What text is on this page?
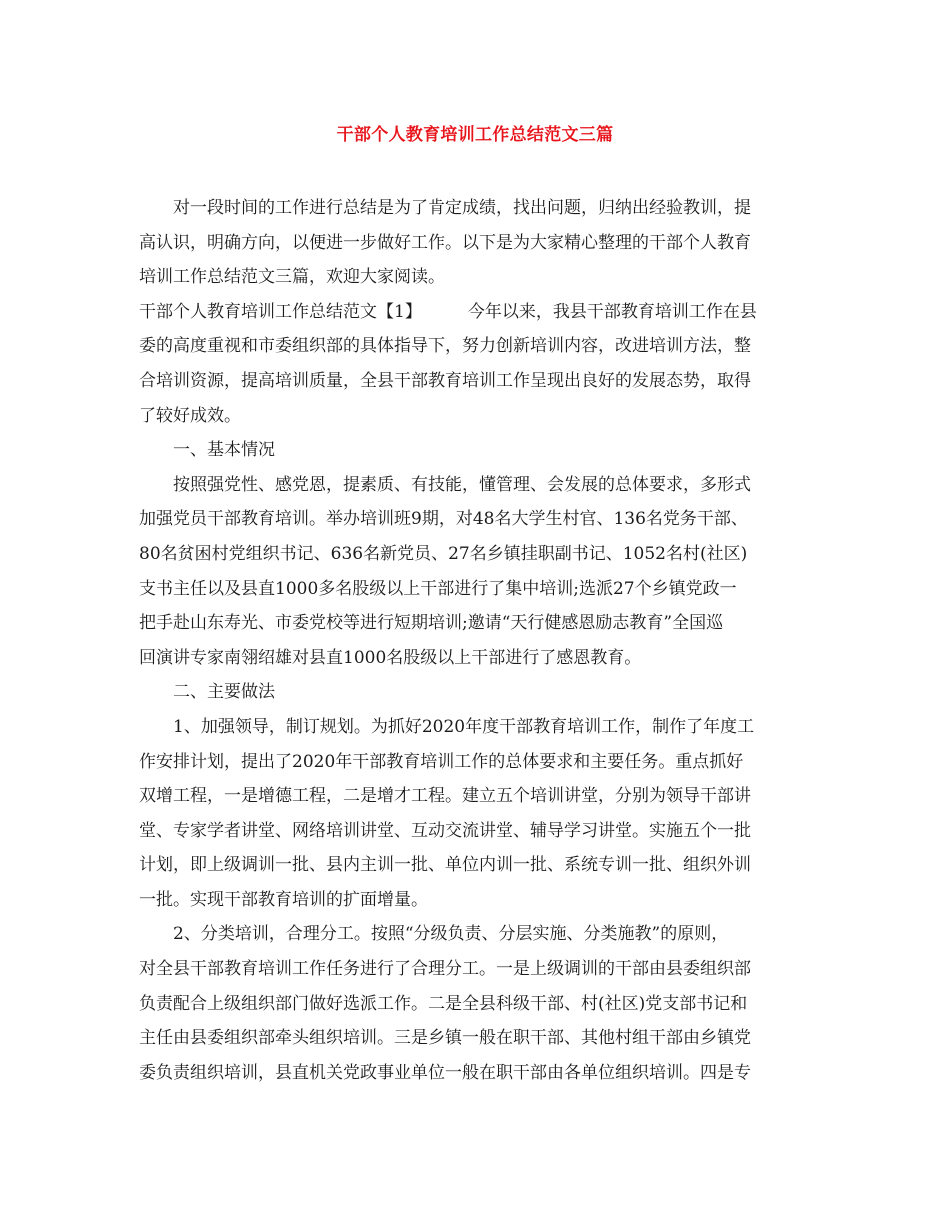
干部个人教育培训工作总结范文三篇
对一段时间的工作进行总结是为了肯定成绩，找出问题，归纳出经验教训，提
高认识，明确方向，以便进一步做好工作。以下是为大家精心整理的干部个人教育
培训工作总结范文三篇，欢迎大家阅读。
干部个人教育培训工作总结范文【1】	今年以来，我县干部教育培训工作在县
委的高度重视和市委组织部的具体指导下，努力创新培训内容，改进培训方法，整
合培训资源，提高培训质量，全县干部教育培训工作呈现出良好的发展态势，取得
了较好成效。
一、基本情况
按照强党性、感党恩，提素质、有技能，懂管理、会发展的总体要求，多形式
加强党员干部教育培训。举办培训班9期，对48名大学生村官、136名党务干部、
80名贫困村党组织书记、636名新党员、27名乡镇挂职副书记、1052名村(社区)
支书主任以及县直1000多名股级以上干部进行了集中培训;选派27个乡镇党政一
把手赴山东寿光、市委党校等进行短期培训;邀请“天行健感恩励志教育”全国巡
回演讲专家南翎绍雄对县直1000名股级以上干部进行了感恩教育。
二、主要做法
1、加强领导，制订规划。为抓好2020年度干部教育培训工作，制作了年度工
作安排计划，提出了2020年干部教育培训工作的总体要求和主要任务。重点抓好
双增工程，一是增德工程，二是增才工程。建立五个培训讲堂，分别为领导干部讲
堂、专家学者讲堂、网络培训讲堂、互动交流讲堂、辅导学习讲堂。实施五个一批
计划，即上级调训一批、县内主训一批、单位内训一批、系统专训一批、组织外训
一批。实现干部教育培训的扩面增量。
2、分类培训，合理分工。按照“分级负责、分层实施、分类施教”的原则，
对全县干部教育培训工作任务进行了合理分工。一是上级调训的干部由县委组织部
负责配合上级组织部门做好选派工作。二是全县科级干部、村(社区)党支部书记和
主任由县委组织部牵头组织培训。三是乡镇一般在职干部、其他村组干部由乡镇党
委负责组织培训，县直机关党政事业单位一般在职干部由各单位组织培训。四是专
